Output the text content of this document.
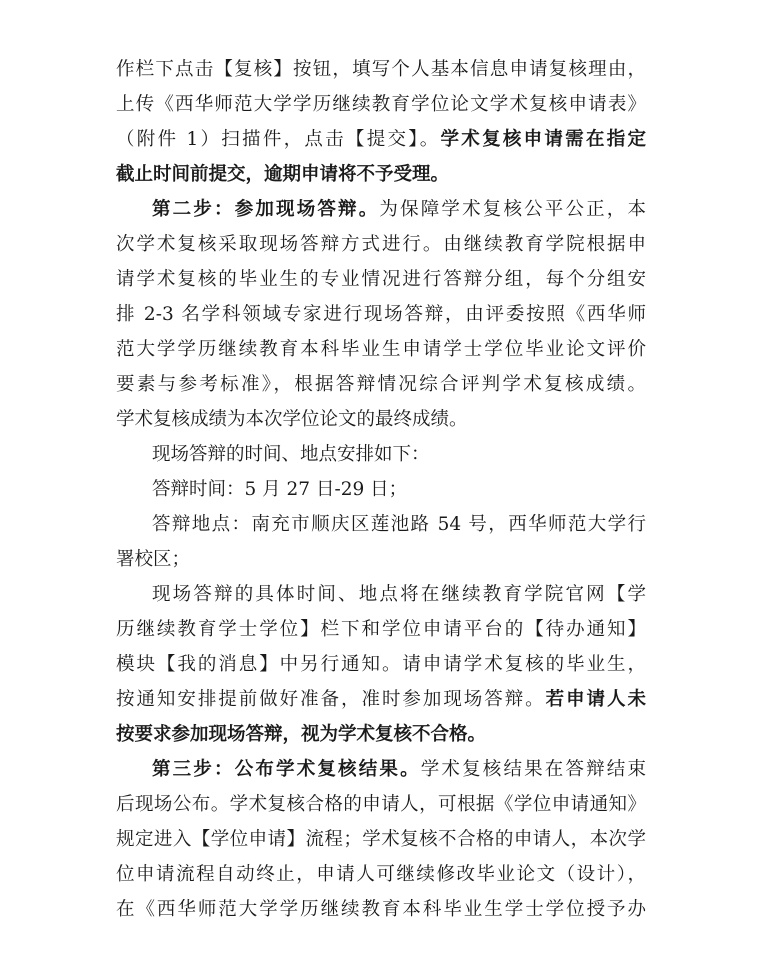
作栏下点击【复核】按钮，填写个人基本信息申请复核理由，
上传《西华师范大学学历继续教育学位论文学术复核申请表》
（附件 1）扫描件，点击【提交】。学术复核申请需在指定
截止时间前提交，逾期申请将不予受理。
第二步：参加现场答辩。为保障学术复核公平公正，本
次学术复核采取现场答辩方式进行。由继续教育学院根据申
请学术复核的毕业生的专业情况进行答辩分组，每个分组安
排 2-3 名学科领域专家进行现场答辩，由评委按照《西华师
范大学学历继续教育本科毕业生申请学士学位毕业论文评价
要素与参考标准》，根据答辩情况综合评判学术复核成绩。
学术复核成绩为本次学位论文的最终成绩。
现场答辩的时间、地点安排如下：
答辩时间：5 月 27 日-29 日；
答辩地点：南充市顺庆区莲池路 54 号，西华师范大学行
署校区；
现场答辩的具体时间、地点将在继续教育学院官网【学
历继续教育学士学位】栏下和学位申请平台的【待办通知】
模块【我的消息】中另行通知。请申请学术复核的毕业生，
按通知安排提前做好准备，准时参加现场答辩。若申请人未
按要求参加现场答辩，视为学术复核不合格。
第三步：公布学术复核结果。学术复核结果在答辩结束
后现场公布。学术复核合格的申请人，可根据《学位申请通知》
规定进入【学位申请】流程；学术复核不合格的申请人，本次学
位申请流程自动终止，申请人可继续修改毕业论文（设计），
在《西华师范大学学历继续教育本科毕业生学士学位授予办
